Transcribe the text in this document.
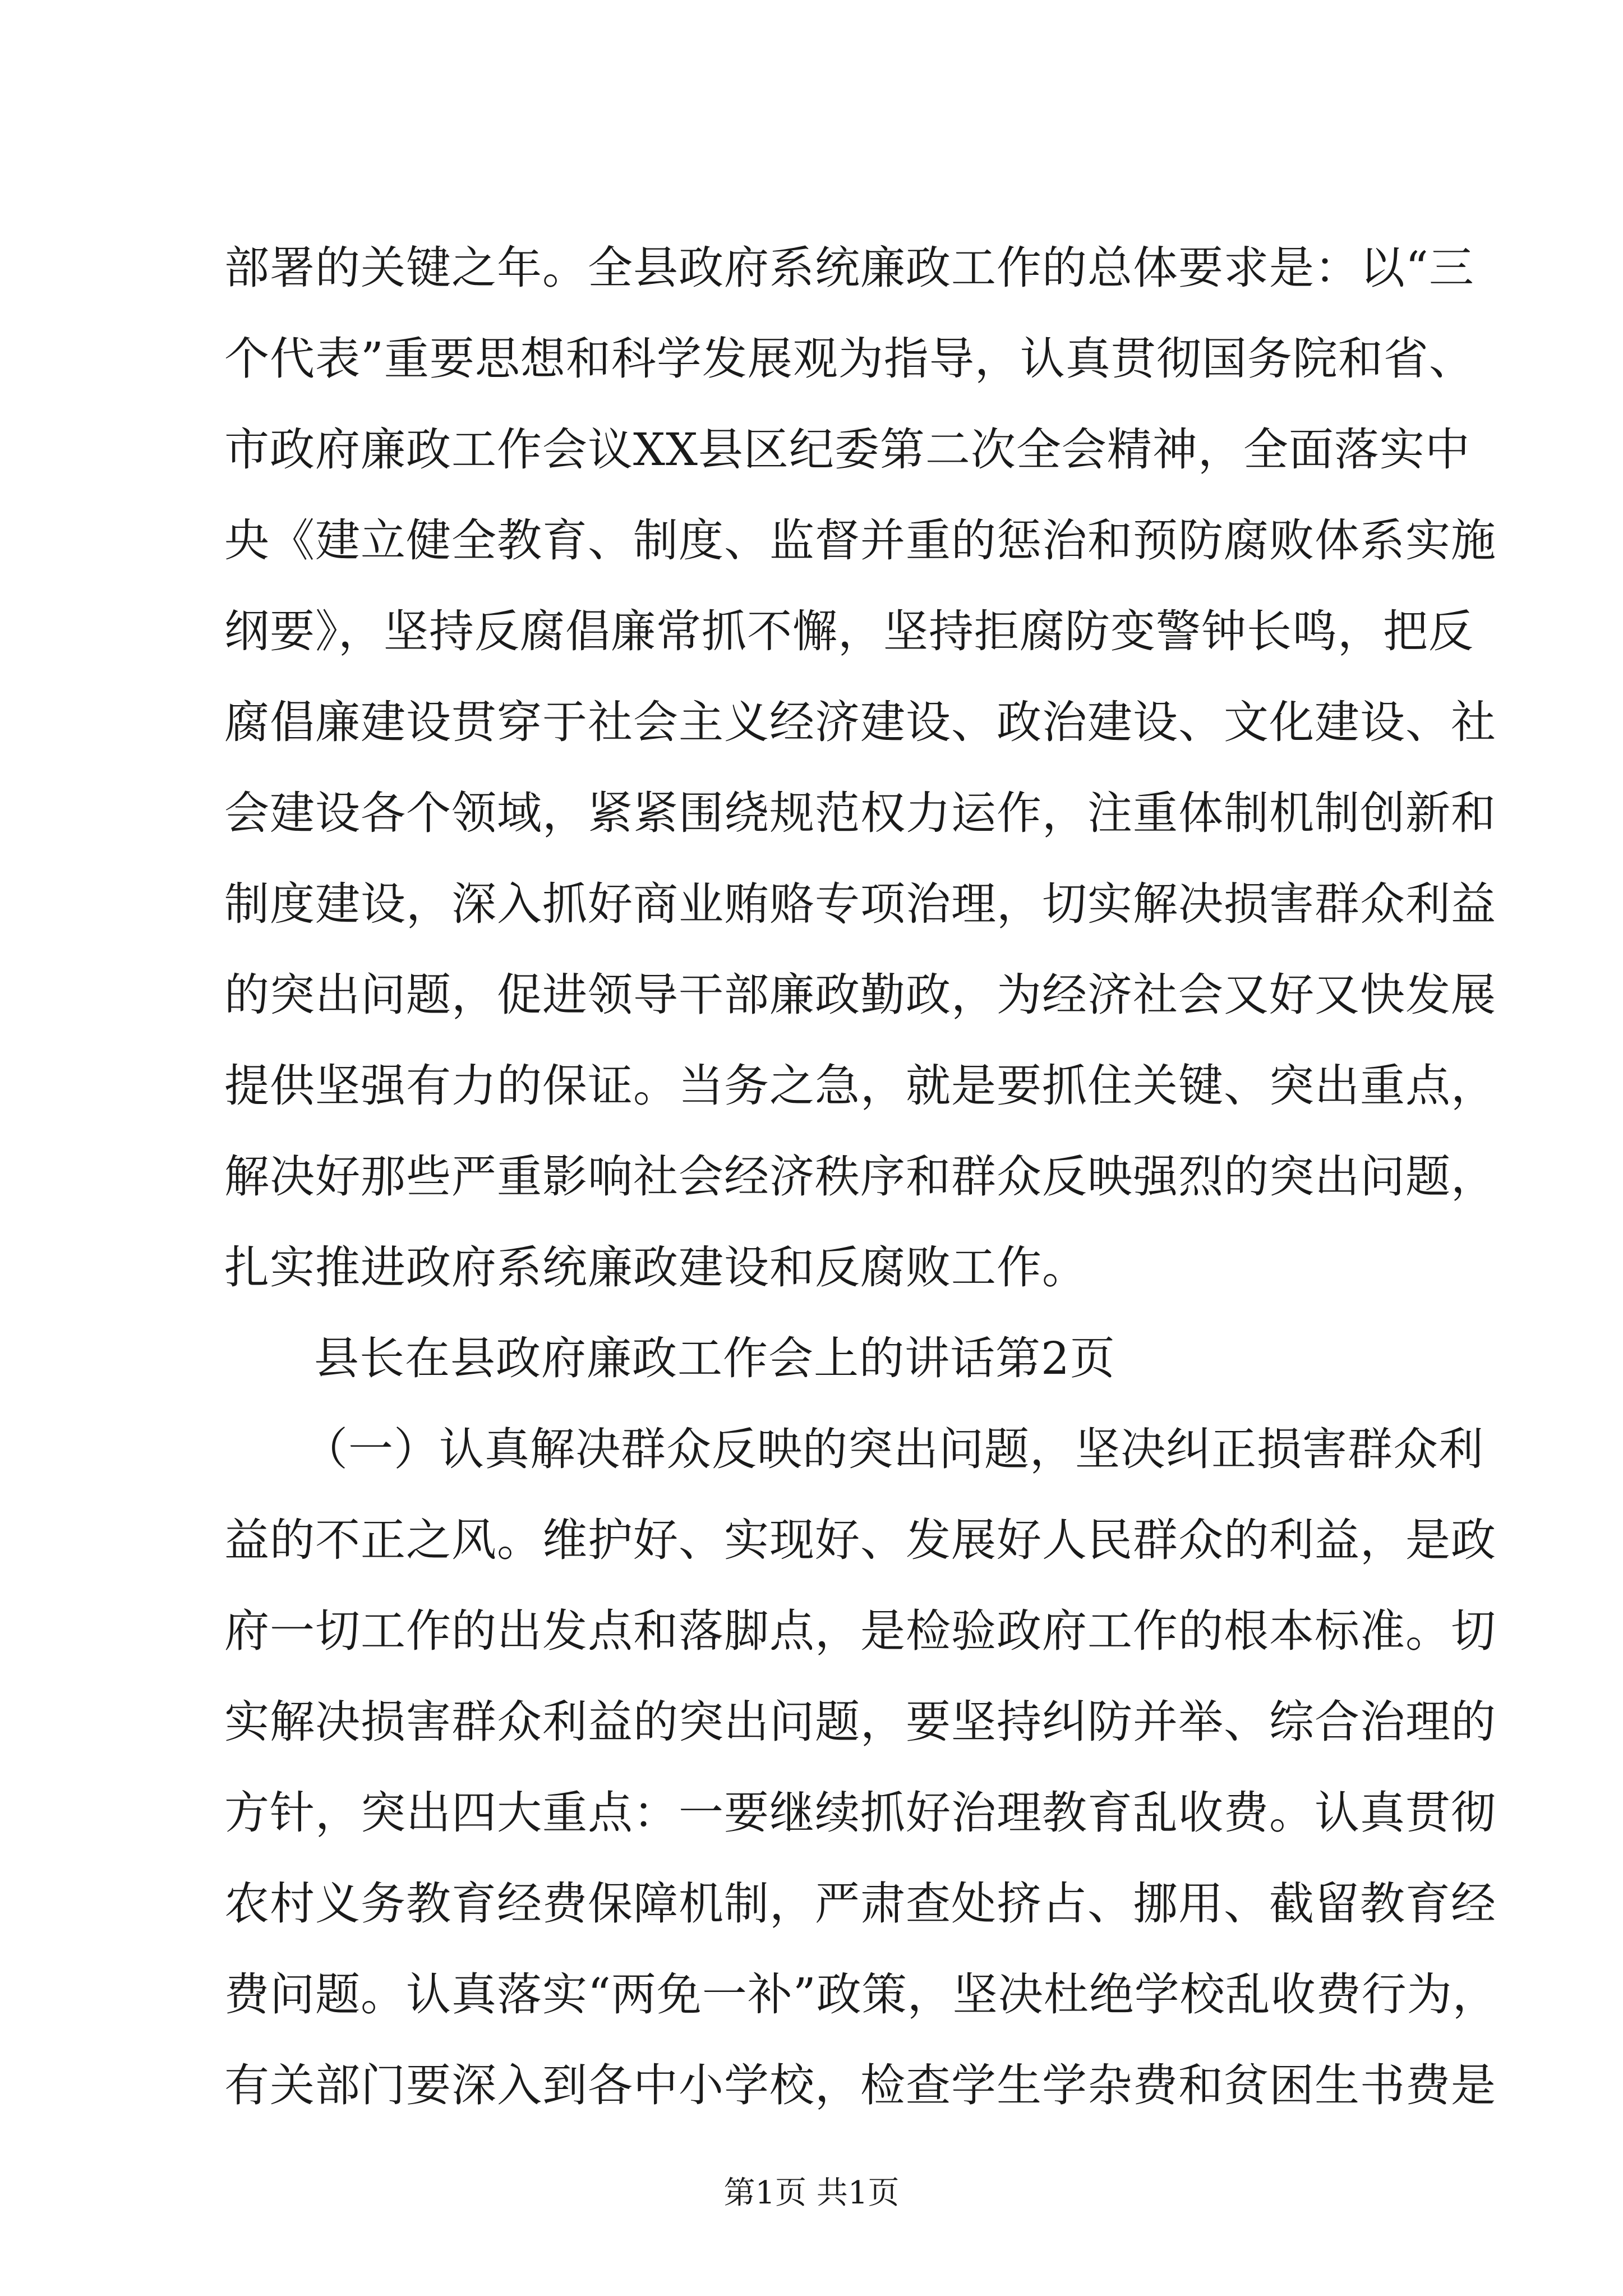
部署的关键之年。全县政府系统廉政工作的总体要求是：以“三
个代表”重要思想和科学发展观为指导，认真贯彻国务院和省、
市政府廉政工作会议XX县区纪委第二次全会精神，全面落实中
央《建立健全教育、制度、监督并重的惩治和预防腐败体系实施
纲要》，坚持反腐倡廉常抓不懈，坚持拒腐防变警钟长鸣，把反
腐倡廉建设贯穿于社会主义经济建设、政治建设、文化建设、社
会建设各个领域，紧紧围绕规范权力运作，注重体制机制创新和
制度建设，深入抓好商业贿赂专项治理，切实解决损害群众利益
的突出问题，促进领导干部廉政勤政，为经济社会又好又快发展
提供坚强有力的保证。当务之急，就是要抓住关键、突出重点，
解决好那些严重影响社会经济秩序和群众反映强烈的突出问题，
扎实推进政府系统廉政建设和反腐败工作。
县长在县政府廉政工作会上的讲话第2页
（一）认真解决群众反映的突出问题，坚决纠正损害群众利
益的不正之风。维护好、实现好、发展好人民群众的利益，是政
府一切工作的出发点和落脚点，是检验政府工作的根本标准。切
实解决损害群众利益的突出问题，要坚持纠防并举、综合治理的
方针，突出四大重点：一要继续抓好治理教育乱收费。认真贯彻
农村义务教育经费保障机制，严肃查处挤占、挪用、截留教育经
费问题。认真落实“两免一补”政策，坚决杜绝学校乱收费行为，
有关部门要深入到各中小学校，检查学生学杂费和贫困生书费是
第1页 共1页
